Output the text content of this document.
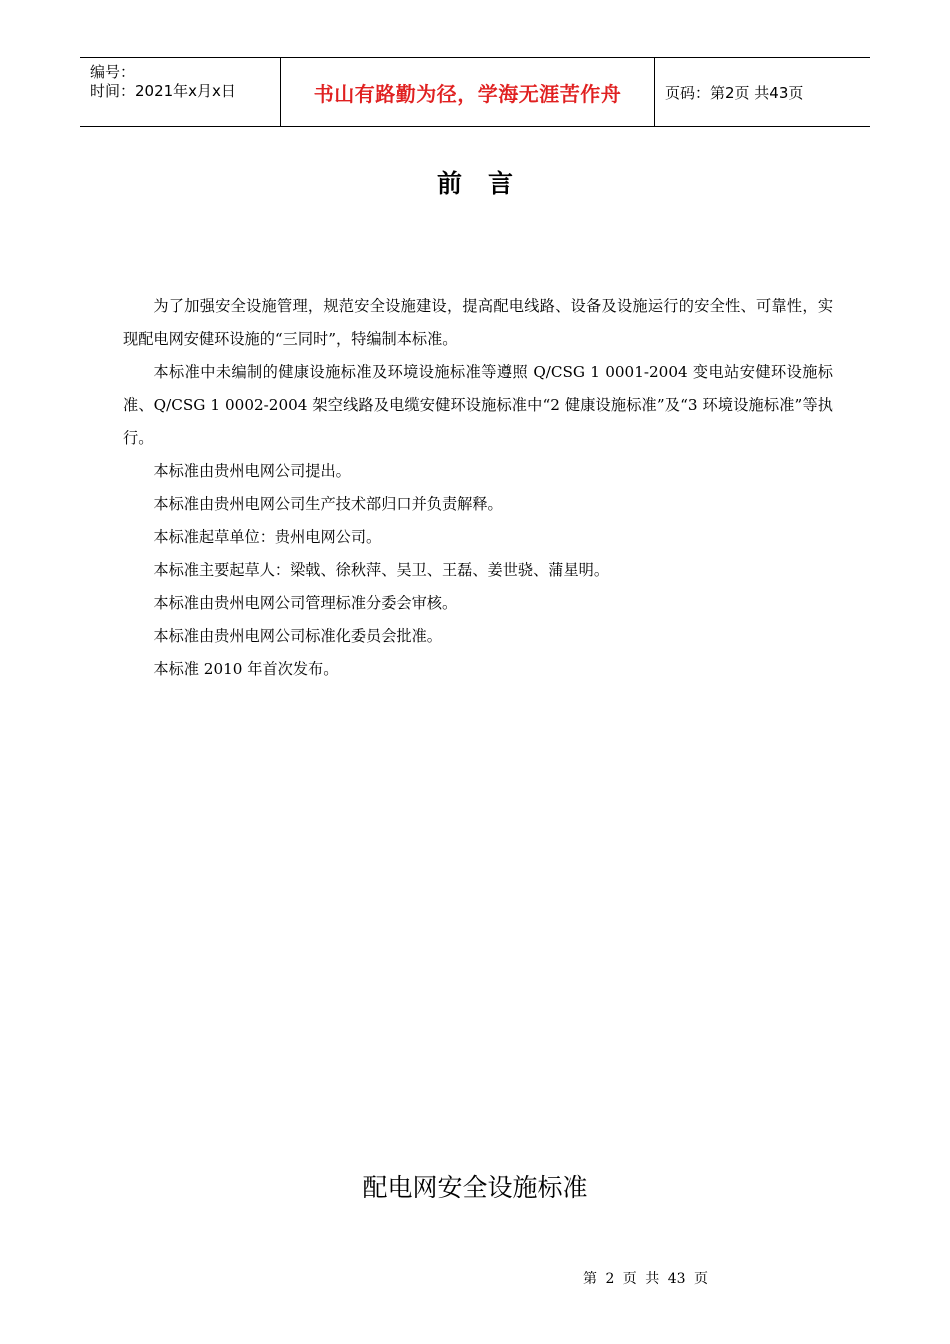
编号：
时间：2021年x月x日	书山有路勤为径，学海无涯苦作舟	页码：第2页 共43页
前言

为了加强安全设施管理，规范安全设施建设，提高配电线路、设备及设施运行的安全性、可靠性，实现配电网安健环设施的“三同时”，特编制本标准。

本标准中未编制的健康设施标准及环境设施标准等遵照 Q/CSG 1 0001-2004 变电站安健环设施标准、Q/CSG 1 0002-2004 架空线路及电缆安健环设施标准中“2 健康设施标准”及“3 环境设施标准”等执行。

本标准由贵州电网公司提出。

本标准由贵州电网公司生产技术部归口并负责解释。

本标准起草单位：贵州电网公司。

本标准主要起草人：梁戟、徐秋萍、吴卫、王磊、姜世骁、蒲星明。

本标准由贵州电网公司管理标准分委会审核。

本标准由贵州电网公司标准化委员会批准。

本标准 2010 年首次发布。

配电网安全设施标准
第 2 页 共 43 页
